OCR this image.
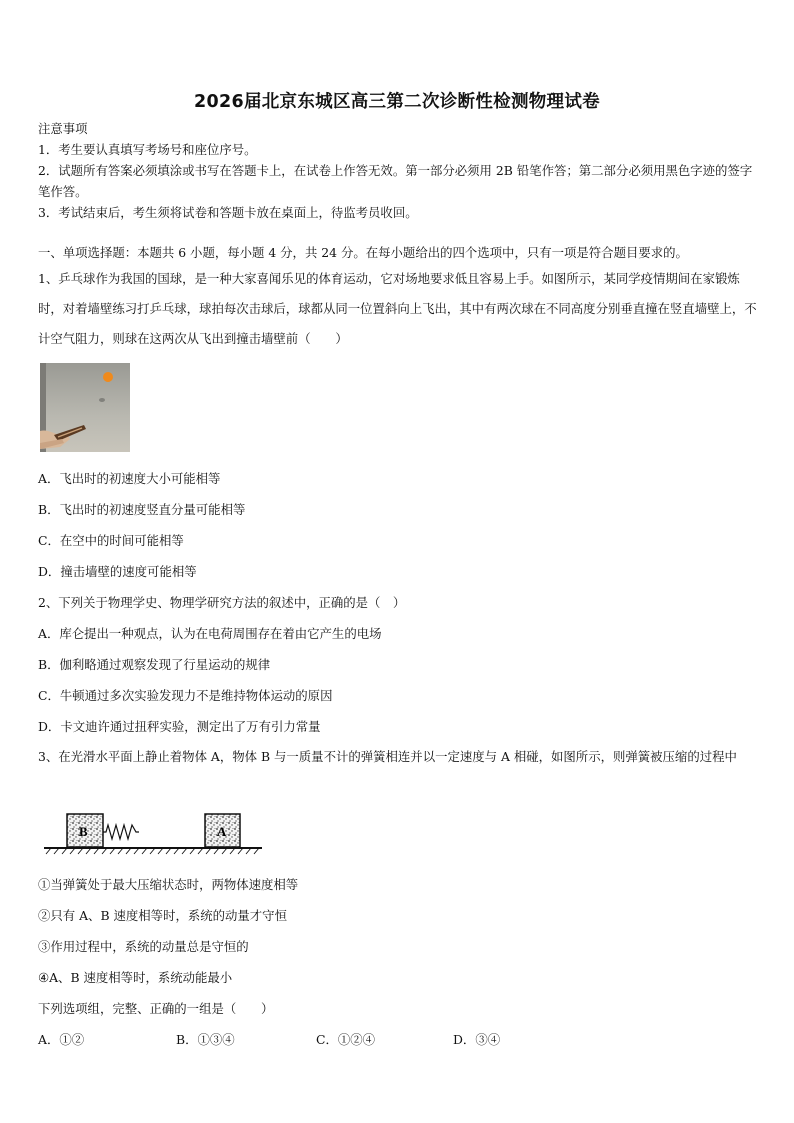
2026届北京东城区高三第二次诊断性检测物理试卷
注意事项
1．考生要认真填写考场号和座位序号。
2．试题所有答案必须填涂或书写在答题卡上，在试卷上作答无效。第一部分必须用 2B 铅笔作答；第二部分必须用黑色字迹的签字笔作答。
3．考试结束后，考生须将试卷和答题卡放在桌面上，待监考员收回。
一、单项选择题：本题共 6 小题，每小题 4 分，共 24 分。在每小题给出的四个选项中，只有一项是符合题目要求的。
1、乒乓球作为我国的国球，是一种大家喜闻乐见的体育运动，它对场地要求低且容易上手。如图所示，某同学疫情期间在家锻炼时，对着墙壁练习打乒乓球，球拍每次击球后，球都从同一位置斜向上飞出，其中有两次球在不同高度分别垂直撞在竖直墙壁上，不计空气阻力，则球在这两次从飞出到撞击墙壁前（　　）
A．飞出时的初速度大小可能相等
B．飞出时的初速度竖直分量可能相等
C．在空中的时间可能相等
D．撞击墙壁的速度可能相等
2、下列关于物理学史、物理学研究方法的叙述中，正确的是（　）
A．库仑提出一种观点，认为在电荷周围存在着由它产生的电场
B．伽利略通过观察发现了行星运动的规律
C．牛顿通过多次实验发现力不是维持物体运动的原因
D．卡文迪许通过扭秤实验，测定出了万有引力常量
3、在光滑水平面上静止着物体 A，物体 B 与一质量不计的弹簧相连并以一定速度与 A 相碰，如图所示，则弹簧被压缩的过程中
B	A
①当弹簧处于最大压缩状态时，两物体速度相等
②只有 A、B 速度相等时，系统的动量才守恒
③作用过程中，系统的动量总是守恒的
④A、B 速度相等时，系统动能最小
下列选项组，完整、正确的一组是（　　）
A．①②	B．①③④	C．①②④	D．③④
